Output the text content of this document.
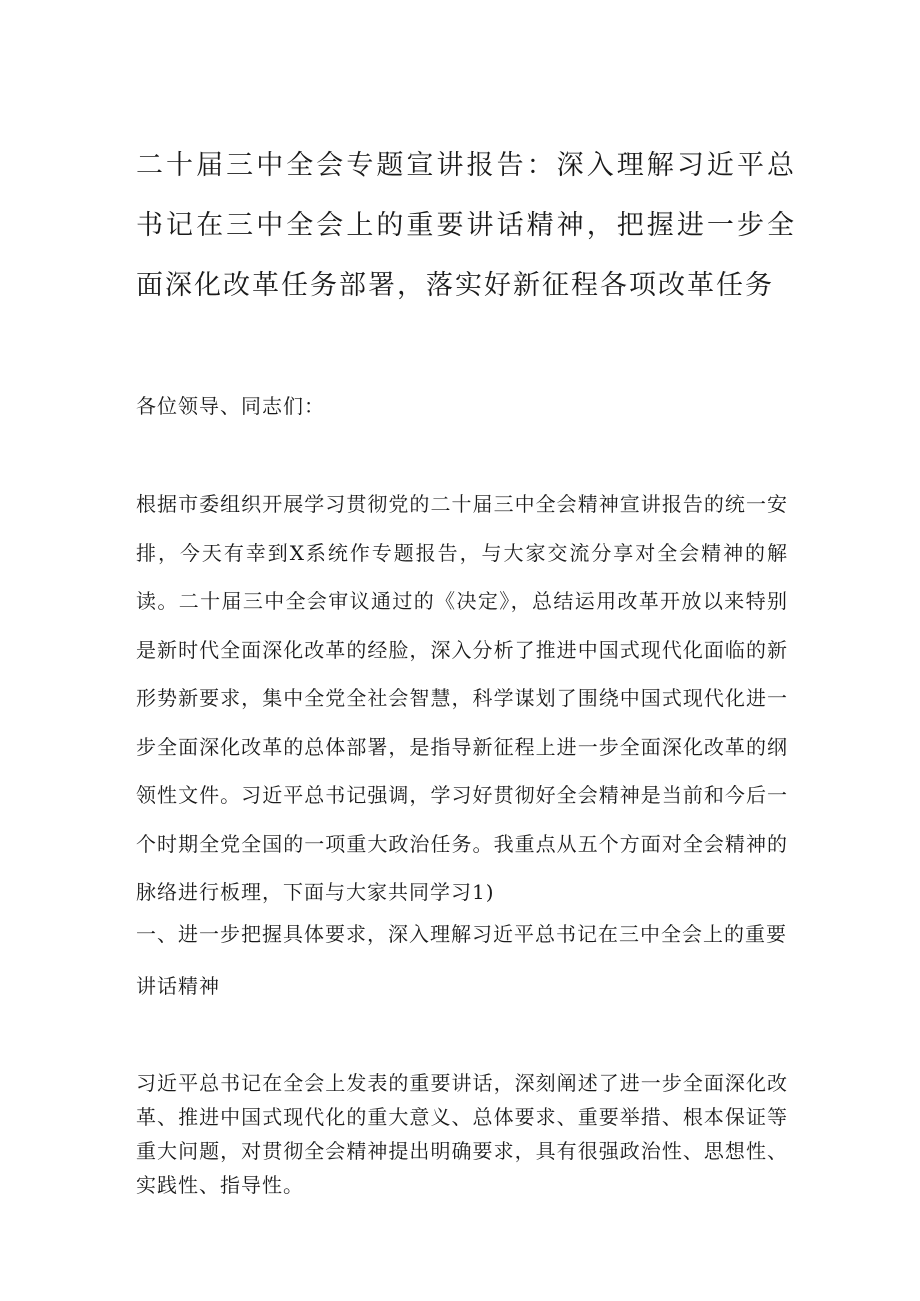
二十届三中全会专题宣讲报告：深入理解习近平总书记在三中全会上的重要讲话精神，把握进一步全面深化改革任务部署，落实好新征程各项改革任务

各位领导、同志们：

根据市委组织开展学习贯彻党的二十届三中全会精神宣讲报告的统一安排，今天有幸到X系统作专题报告，与大家交流分享对全会精神的解读。二十届三中全会审议通过的《决定》，总结运用改革开放以来特别是新时代全面深化改革的经脸，深入分析了推进中国式现代化面临的新形势新要求，集中全党全社会智慧，科学谋划了围绕中国式现代化进一步全面深化改革的总体部署，是指导新征程上进一步全面深化改革的纲领性文件。习近平总书记强调，学习好贯彻好全会精神是当前和今后一个时期全党全国的一项重大政治任务。我重点从五个方面对全会精神的脉络进行板理，下面与大家共同学习1)

一、进一步把握具体要求，深入理解习近平总书记在三中全会上的重要讲话精神

习近平总书记在全会上发表的重要讲话，深刻阐述了进一步全面深化改革、推进中国式现代化的重大意义、总体要求、重要举措、根本保证等重大问题，对贯彻全会精神提出明确要求，具有很强政治性、思想性、实践性、指导性。
